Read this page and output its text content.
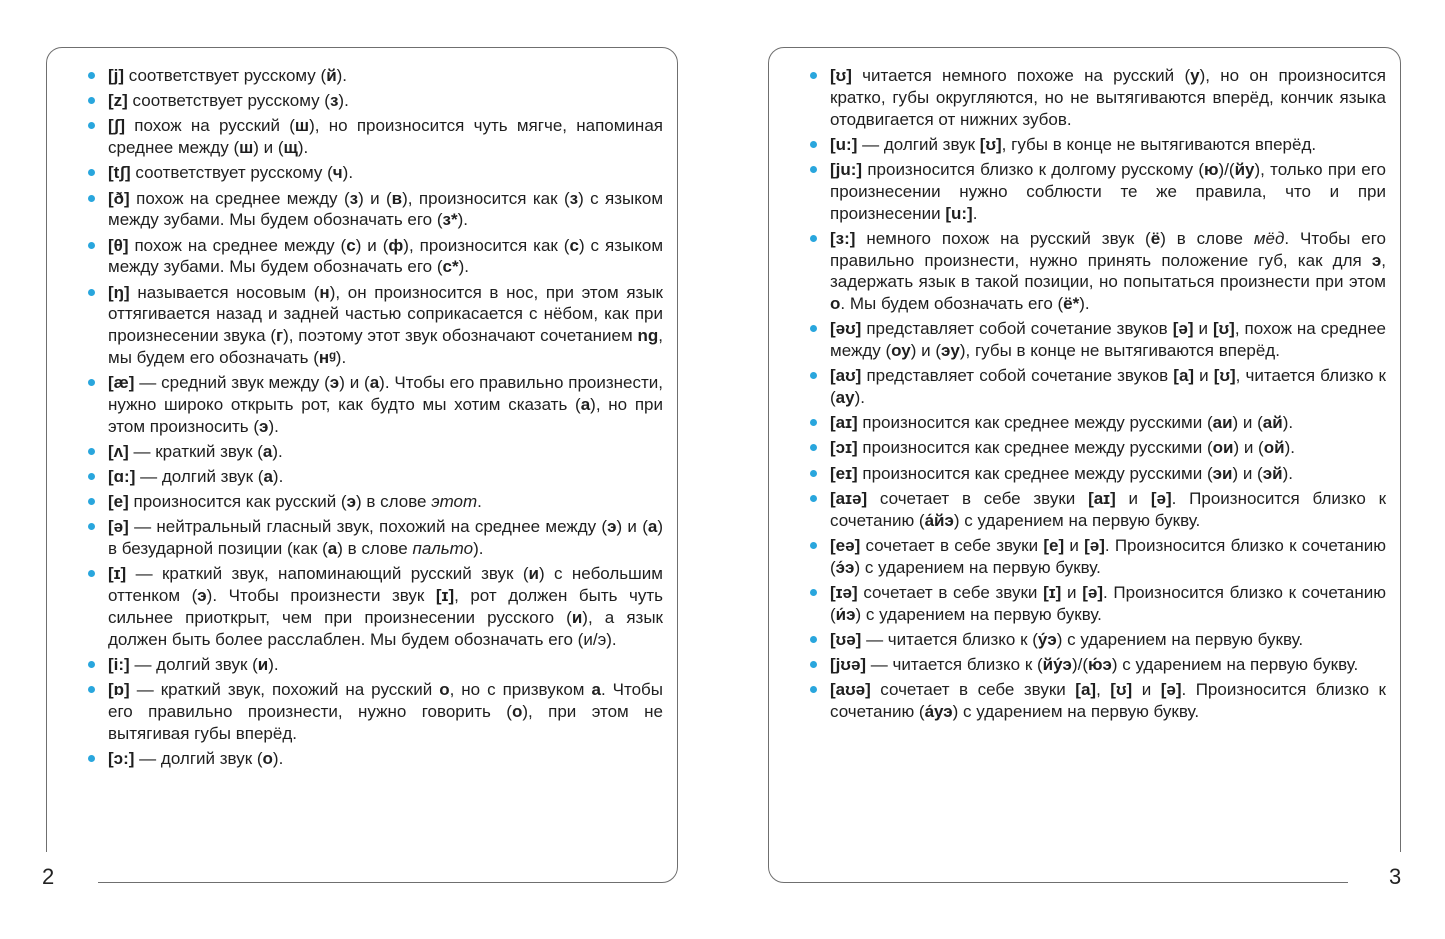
[j] соответствует русскому (й).
[z] соответствует русскому (з).
[ʃ] похож на русский (ш), но произносится чуть мягче, напоминая среднее между (ш) и (щ).
[tʃ] соответствует русскому (ч).
[ð] похож на среднее между (з) и (в), произносится как (з) с языком между зубами. Мы будем обозначать его (з*).
[θ] похож на среднее между (с) и (ф), произносится как (с) с языком между зубами. Мы будем обозначать его (с*).
[ŋ] называется носовым (н), он произносится в нос, при этом язык оттягивается назад и задней частью соприкасается с нёбом, как при произнесении звука (г), поэтому этот звук обозначают сочетанием ng, мы будем его обозначать (нᵍ).
[æ] — средний звук между (э) и (а). Чтобы его правильно произнести, нужно широко открыть рот, как будто мы хотим сказать (а), но при этом произносить (э).
[ʌ] — краткий звук (а).
[ɑ:] — долгий звук (а).
[e] произносится как русский (э) в слове этот.
[ə] — нейтральный гласный звук, похожий на среднее между (э) и (а) в безударной позиции (как (а) в слове пальто).
[ɪ] — краткий звук, напоминающий русский звук (и) с небольшим оттенком (э). Чтобы произнести звук [ɪ], рот должен быть чуть сильнее приоткрыт, чем при произнесении русского (и), а язык должен быть более расслаблен. Мы будем обозначать его (и/э).
[i:] — долгий звук (и).
[ɒ] — краткий звук, похожий на русский о, но с призвуком а. Чтобы его правильно произнести, нужно говорить (о), при этом не вытягивая губы вперёд.
[ɔ:] — долгий звук (о).
2
[ʊ] читается немного похоже на русский (у), но он произносится кратко, губы округляются, но не вытягиваются вперёд, кончик языка отодвигается от нижних зубов.
[u:] — долгий звук [ʊ], губы в конце не вытягиваются вперёд.
[ju:] произносится близко к долгому русскому (ю)/(йу), только при его произнесении нужно соблюсти те же правила, что и при произнесении [u:].
[ɜ:] немного похож на русский звук (ё) в слове мёд. Чтобы его правильно произнести, нужно принять положение губ, как для э, задержать язык в такой позиции, но попытаться произнести при этом о. Мы будем обозначать его (ё*).
[əʊ] представляет собой сочетание звуков [ə] и [ʊ], похож на среднее между (оу) и (эу), губы в конце не вытягиваются вперёд.
[aʊ] представляет собой сочетание звуков [a] и [ʊ], читается близко к (ау).
[aɪ] произносится как среднее между русскими (аи) и (ай).
[ɔɪ] произносится как среднее между русскими (ои) и (ой).
[eɪ] произносится как среднее между русскими (эи) и (эй).
[aɪə] сочетает в себе звуки [aɪ] и [ə]. Произносится близко к сочетанию (а́йэ) с ударением на первую букву.
[eə] сочетает в себе звуки [e] и [ə]. Произносится близко к сочетанию (э́э) с ударением на первую букву.
[ɪə] сочетает в себе звуки [ɪ] и [ə]. Произносится близко к сочетанию (и́э) с ударением на первую букву.
[ʊə] — читается близко к (у́э) с ударением на первую букву.
[jʊə] — читается близко к (йу́э)/(ю́э) с ударением на первую букву.
[aʊə] сочетает в себе звуки [a], [ʊ] и [ə]. Произносится близко к сочетанию (а́уэ) с ударением на первую букву.
3
